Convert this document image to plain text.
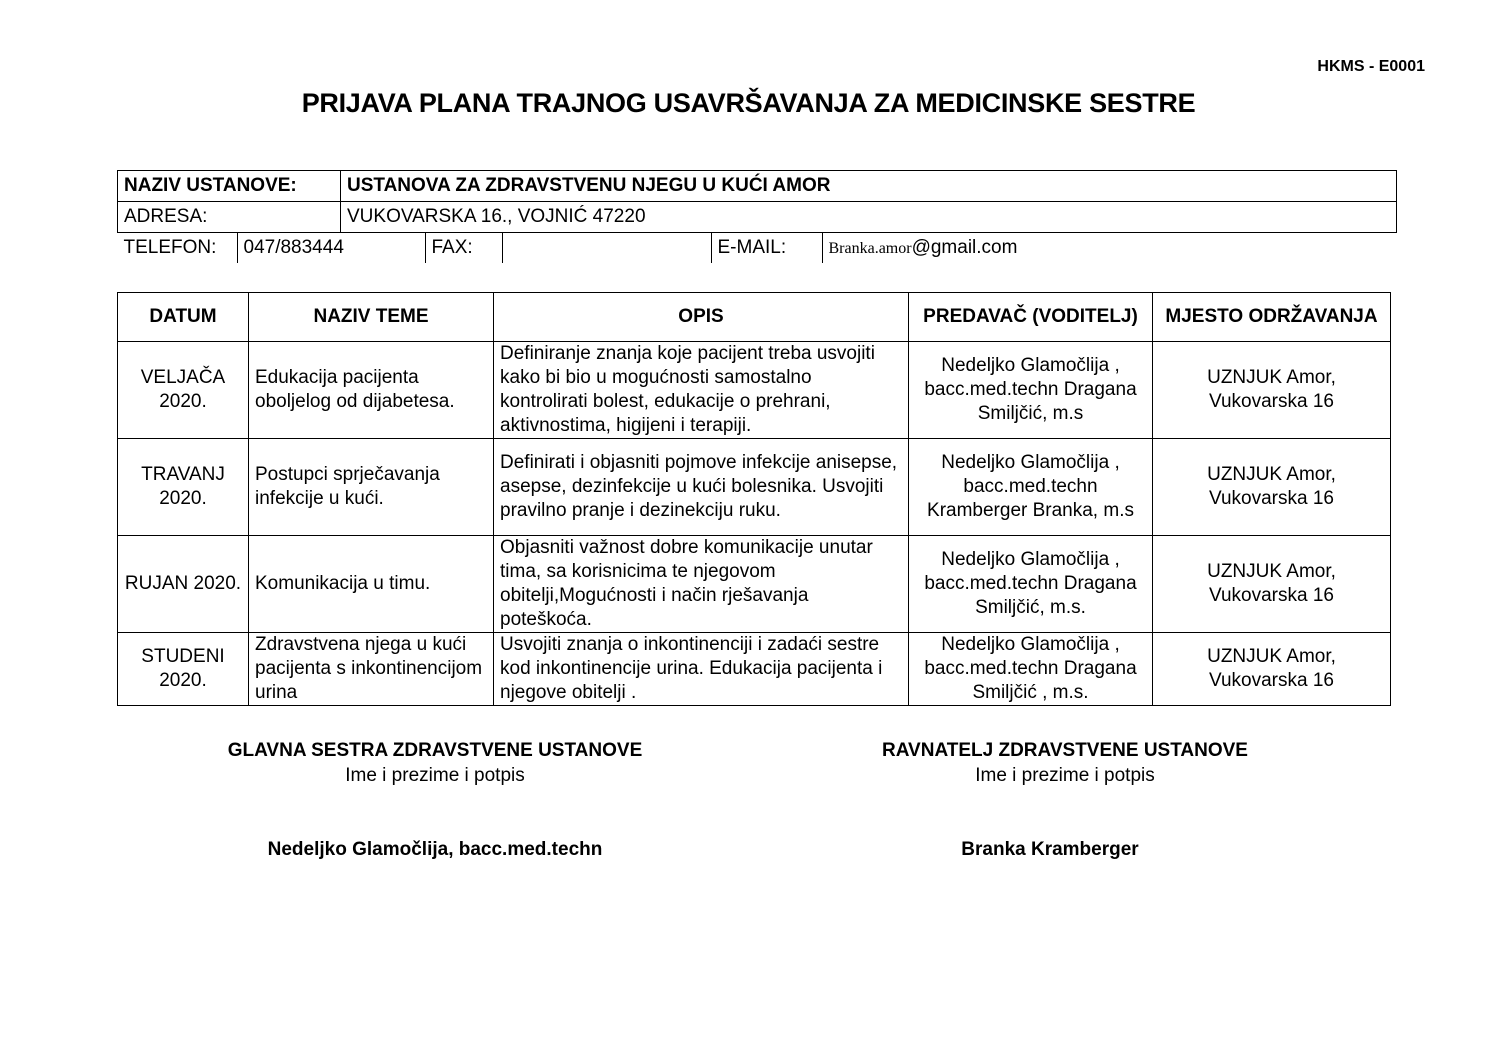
HKMS - E0001
PRIJAVA PLANA TRAJNOG USAVRŠAVANJA ZA MEDICINSKE SESTRE
NAZIV USTANOVE:	USTANOVA ZA ZDRAVSTVENU NJEGU U KUĆI AMOR
ADRESA:	VUKOVARSKA 16., VOJNIĆ 47220

TELEFON:	047/883444	FAX:		E-MAIL:	Branka.amor@gmail.com
DATUM	NAZIV TEME	OPIS	PREDAVAČ (VODITELJ)	MJESTO ODRŽAVANJA
VELJAČA 2020.	Edukacija pacijenta oboljelog od dijabetesa.	Definiranje znanja koje pacijent treba usvojiti kako bi bio u mogućnosti samostalno kontrolirati bolest, edukacije o prehrani, aktivnostima, higijeni i terapiji.	Nedeljko Glamočlija , bacc.med.techn Dragana Smiljčić, m.s	UZNJUK Amor, Vukovarska 16
TRAVANJ 2020.	Postupci sprječavanja infekcije u kući.	Definirati i objasniti pojmove infekcije anisepse, asepse, dezinfekcije u kući bolesnika. Usvojiti pravilno pranje i dezinekciju ruku.	Nedeljko Glamočlija , bacc.med.techn Kramberger Branka, m.s	UZNJUK Amor, Vukovarska 16
RUJAN 2020.	Komunikacija u timu.	Objasniti važnost dobre komunikacije unutar tima, sa korisnicima te njegovom obitelji,Mogućnosti i način rješavanja poteškoća.	Nedeljko Glamočlija , bacc.med.techn Dragana Smiljčić, m.s.	UZNJUK Amor, Vukovarska 16
STUDENI 2020.	Zdravstvena njega u kući pacijenta s inkontinencijom urina	Usvojiti znanja o inkontinenciji i zadaći sestre kod inkontinencije urina. Edukacija pacijenta i njegove obitelji .	Nedeljko Glamočlija , bacc.med.techn Dragana Smiljčić , m.s.	UZNJUK Amor, Vukovarska 16
GLAVNA SESTRA ZDRAVSTVENE USTANOVE
Ime i prezime i potpis
RAVNATELJ ZDRAVSTVENE USTANOVE
Ime i prezime i potpis
Nedeljko Glamočlija, bacc.med.techn	Branka Kramberger
